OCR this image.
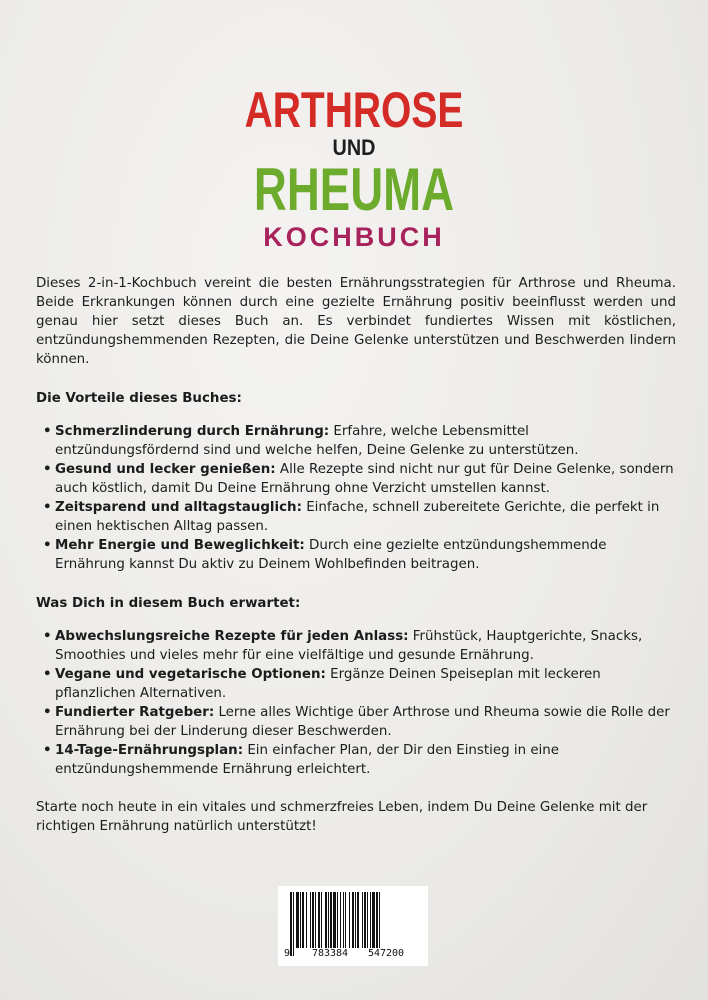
ARTHROSE
UND
RHEUMA
KOCHBUCH

Dieses 2-in-1-Kochbuch vereint die besten Ernährungsstrategien für Arthrose und Rheuma. Beide Erkrankungen können durch eine gezielte Ernährung positiv beeinflusst werden und genau hier setzt dieses Buch an. Es verbindet fundiertes Wissen mit köstlichen, entzündungshemmenden Rezepten, die Deine Gelenke unterstützen und Beschwerden lindern können.

Die Vorteile dieses Buches:

• Schmerzlinderung durch Ernährung: Erfahre, welche Lebensmittel entzündungsfördernd sind und welche helfen, Deine Gelenke zu unterstützen.
• Gesund und lecker genießen: Alle Rezepte sind nicht nur gut für Deine Gelenke, sondern auch köstlich, damit Du Deine Ernährung ohne Verzicht umstellen kannst.
• Zeitsparend und alltagstauglich: Einfache, schnell zubereitete Gerichte, die perfekt in einen hektischen Alltag passen.
• Mehr Energie und Beweglichkeit: Durch eine gezielte entzündungshemmende Ernährung kannst Du aktiv zu Deinem Wohlbefinden beitragen.

Was Dich in diesem Buch erwartet:

• Abwechslungsreiche Rezepte für jeden Anlass: Frühstück, Hauptgerichte, Snacks, Smoothies und vieles mehr für eine vielfältige und gesunde Ernährung.
• Vegane und vegetarische Optionen: Ergänze Deinen Speiseplan mit leckeren pflanzlichen Alternativen.
• Fundierter Ratgeber: Lerne alles Wichtige über Arthrose und Rheuma sowie die Rolle der Ernährung bei der Linderung dieser Beschwerden.
• 14-Tage-Ernährungsplan: Ein einfacher Plan, der Dir den Einstieg in eine entzündungshemmende Ernährung erleichtert.

Starte noch heute in ein vitales und schmerzfreies Leben, indem Du Deine Gelenke mit der richtigen Ernährung natürlich unterstützt!

9	783384	547200
